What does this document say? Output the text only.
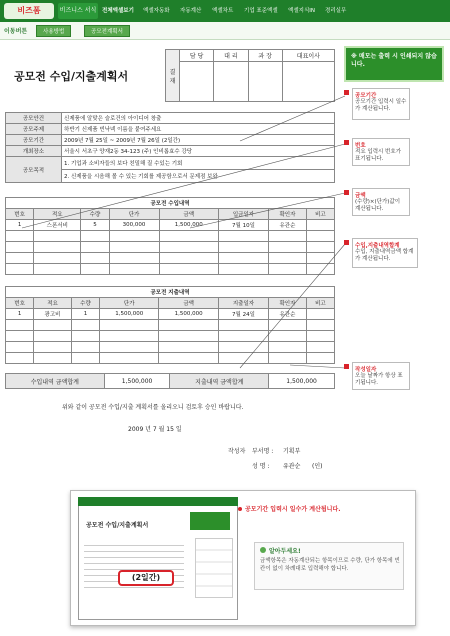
비즈폼	비즈니스 서식	전체엑셀보기 엑셀자동화 자동계산 엑셀차트 기업 표준엑셀 엑셀지식IN 경리실무
이동버튼	사용방법	공모전계획서
공모전 수입/지출계획서	결재	담 당	대 리	과 장	대표이사

공모안건	신제품에 알맞은 슬로건의 아이디어 창출
공모주제	하반기 신제품 빈낙넥 이름을 붙여주세요
공모기간	2009년 7월 25일 ~ 2009년 7월 26일 (2일간)
개최장소	서울시 서초구 양재2동 34-123 (주) 인비롭효수 강당
공모목적	1. 기업과 소비자들의 보다 친밀해 질 수있는 기회
	2. 신제품을 시음해 볼 수 있는 기회를 제공함으로서 문제점 보완
공모전 수입내역							
번호	적요	수량	단가	금액	입금일자	확인자	비고
1	스폰서비	5	300,000	1,500,000	7월 10일	유관순	

공모전 지출내역							
번호	적요	수량	단가	금액	지출일자	확인자	비고
1	광고비	1	1,500,000	1,500,000	7월 24일	유관순	

수입내역 금액합계	1,500,000	지출내역 금액합계	1,500,000
위와 같이 공모전 수입/지출 계획서를 올리오니 검토후 승인 바랍니다.
2009 년 7 월 15 일
작성자 부서명 : 기획부
성 명 : 유관순 (인)
※ 매모는 출력 시 인쇄되지 않습니다.
공모기간
공모기간 입력시 일수가 계산됩니다.
번호
적요 입력시 번호가 표기됩니다.
금액
(수량)×(단가)값이 계산됩니다.
수입,지출내역합계
수입, 지출내역금액 합계가 계산됩니다.
작성일자
오늘 날짜가 항상 표기됩니다.
공모전 수입/지출계획서
(2일간)
공모기간 입력시 일수가 계산됩니다.
알아두세요!
금액항목은 자동계산되는 항목이므로 수량, 단가 항목에 빈칸이 없이 차례대로 입력해야 합니다.
